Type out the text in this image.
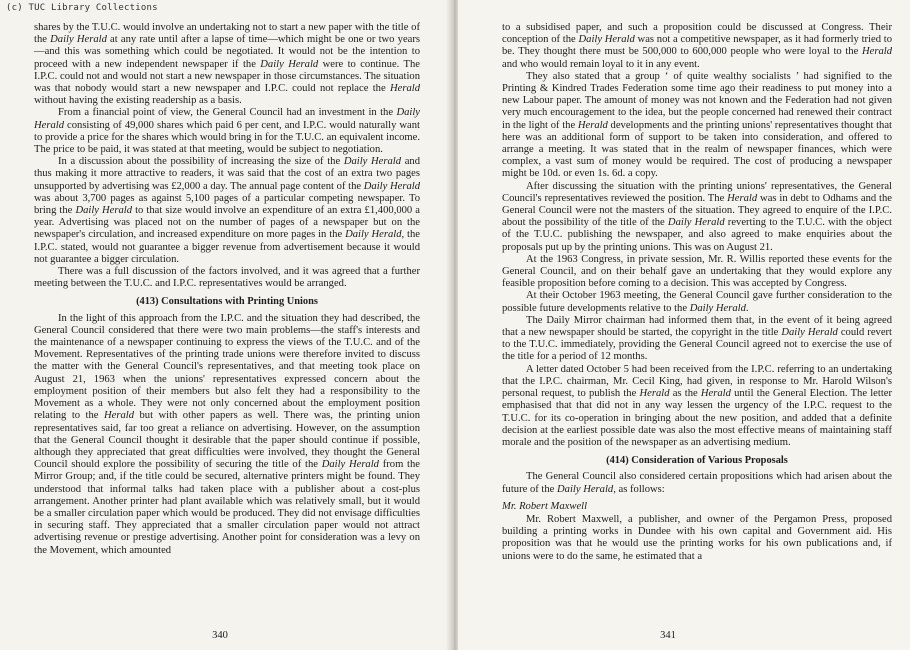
(c) TUC Library Collections

shares by the T.U.C. would involve an undertaking not to start a new paper with the title of the Daily Herald at any rate until after a lapse of time—which might be one or two years—and this was something which could be negotiated. It would not be the intention to proceed with a new independent newspaper if the Daily Herald were to continue. The I.P.C. could not and would not start a new newspaper in those circumstances. The situation was that nobody would start a new newspaper and I.P.C. could not replace the Herald without having the existing readership as a basis.

From a financial point of view, the General Council had an investment in the Daily Herald consisting of 49,000 shares which paid 6 per cent, and I.P.C. would naturally want to provide a price for the shares which would bring in for the T.U.C. an equivalent income. The price to be paid, it was stated at that meeting, would be subject to negotiation.

In a discussion about the possibility of increasing the size of the Daily Herald and thus making it more attractive to readers, it was said that the cost of an extra two pages unsupported by advertising was £2,000 a day. The annual page content of the Daily Herald was about 3,700 pages as against 5,100 pages of a particular competing newspaper. To bring the Daily Herald to that size would involve an expenditure of an extra £1,400,000 a year. Advertising was placed not on the number of pages of a newspaper but on the newspaper's circulation, and increased expenditure on more pages in the Daily Herald, the I.P.C. stated, would not guarantee a bigger revenue from advertisement because it would not guarantee a bigger circulation.

There was a full discussion of the factors involved, and it was agreed that a further meeting between the T.U.C. and I.P.C. representatives would be arranged.

(413) Consultations with Printing Unions

In the light of this approach from the I.P.C. and the situation they had described, the General Council considered that there were two main problems—the staff's interests and the maintenance of a newspaper continuing to express the views of the T.U.C. and of the Movement. Representatives of the printing trade unions were therefore invited to discuss the matter with the General Council's representatives, and that meeting took place on August 21, 1963 when the unions' representatives expressed concern about the employment position of their members but also felt they had a responsibility to the Movement as a whole. They were not only concerned about the employment position relating to the Herald but with other papers as well. There was, the printing union representatives said, far too great a reliance on advertising. However, on the assumption that the General Council thought it desirable that the paper should continue if possible, although they appreciated that great difficulties were involved, they thought the General Council should explore the possibility of securing the title of the Daily Herald from the Mirror Group; and, if the title could be secured, alternative printers might be found. They understood that informal talks had taken place with a publisher about a cost-plus arrangement. Another printer had plant available which was relatively small, but it would be a smaller circulation paper which would be produced. They did not envisage difficulties in securing staff. They appreciated that a smaller circulation paper would not attract advertising revenue or prestige advertising. Another point for consideration was a levy on the Movement, which amounted

340

to a subsidised paper, and such a proposition could be discussed at Congress. Their conception of the Daily Herald was not a competitive newspaper, as it had formerly tried to be. They thought there must be 500,000 to 600,000 people who were loyal to the Herald and who would remain loyal to it in any event.

They also stated that a group ‘ of quite wealthy socialists ’ had signified to the Printing & Kindred Trades Federation some time ago their readiness to put money into a new Labour paper. The amount of money was not known and the Federation had not given very much encouragement to the idea, but the people concerned had renewed their contract in the light of the Herald developments and the printing unions' representatives thought that here was an additional form of support to be taken into consideration, and offered to arrange a meeting. It was stated that in the realm of newspaper finances, which were complex, a vast sum of money would be required. The cost of producing a newspaper might be 10d. or even 1s. 6d. a copy.

After discussing the situation with the printing unions' representatives, the General Council's representatives reviewed the position. The Herald was in debt to Odhams and the General Council were not the masters of the situation. They agreed to enquire of the I.P.C. about the possibility of the title of the Daily Herald reverting to the T.U.C. with the object of the T.U.C. publishing the newspaper, and also agreed to make enquiries about the proposals put up by the printing unions. This was on August 21.

At the 1963 Congress, in private session, Mr. R. Willis reported these events for the General Council, and on their behalf gave an undertaking that they would explore any feasible proposition before coming to a decision. This was accepted by Congress.

At their October 1963 meeting, the General Council gave further consideration to the possible future developments relative to the Daily Herald.

The Daily Mirror chairman had informed them that, in the event of it being agreed that a new newspaper should be started, the copyright in the title Daily Herald could revert to the T.U.C. immediately, providing the General Council agreed not to exercise the use of the title for a period of 12 months.

A letter dated October 5 had been received from the I.P.C. referring to an undertaking that the I.P.C. chairman, Mr. Cecil King, had given, in response to Mr. Harold Wilson's personal request, to publish the Herald as the Herald until the General Election. The letter emphasised that that did not in any way lessen the urgency of the I.P.C. request to the T.U.C. for its co-operation in bringing about the new position, and added that a definite decision at the earliest possible date was also the most effective means of maintaining staff morale and the position of the newspaper as an advertising medium.

(414) Consideration of Various Proposals

The General Council also considered certain propositions which had arisen about the future of the Daily Herald, as follows:

Mr. Robert Maxwell

Mr. Robert Maxwell, a publisher, and owner of the Pergamon Press, proposed building a printing works in Dundee with his own capital and Government aid. His proposition was that he would use the printing works for his own publications and, if unions were to do the same, he estimated that a

341
